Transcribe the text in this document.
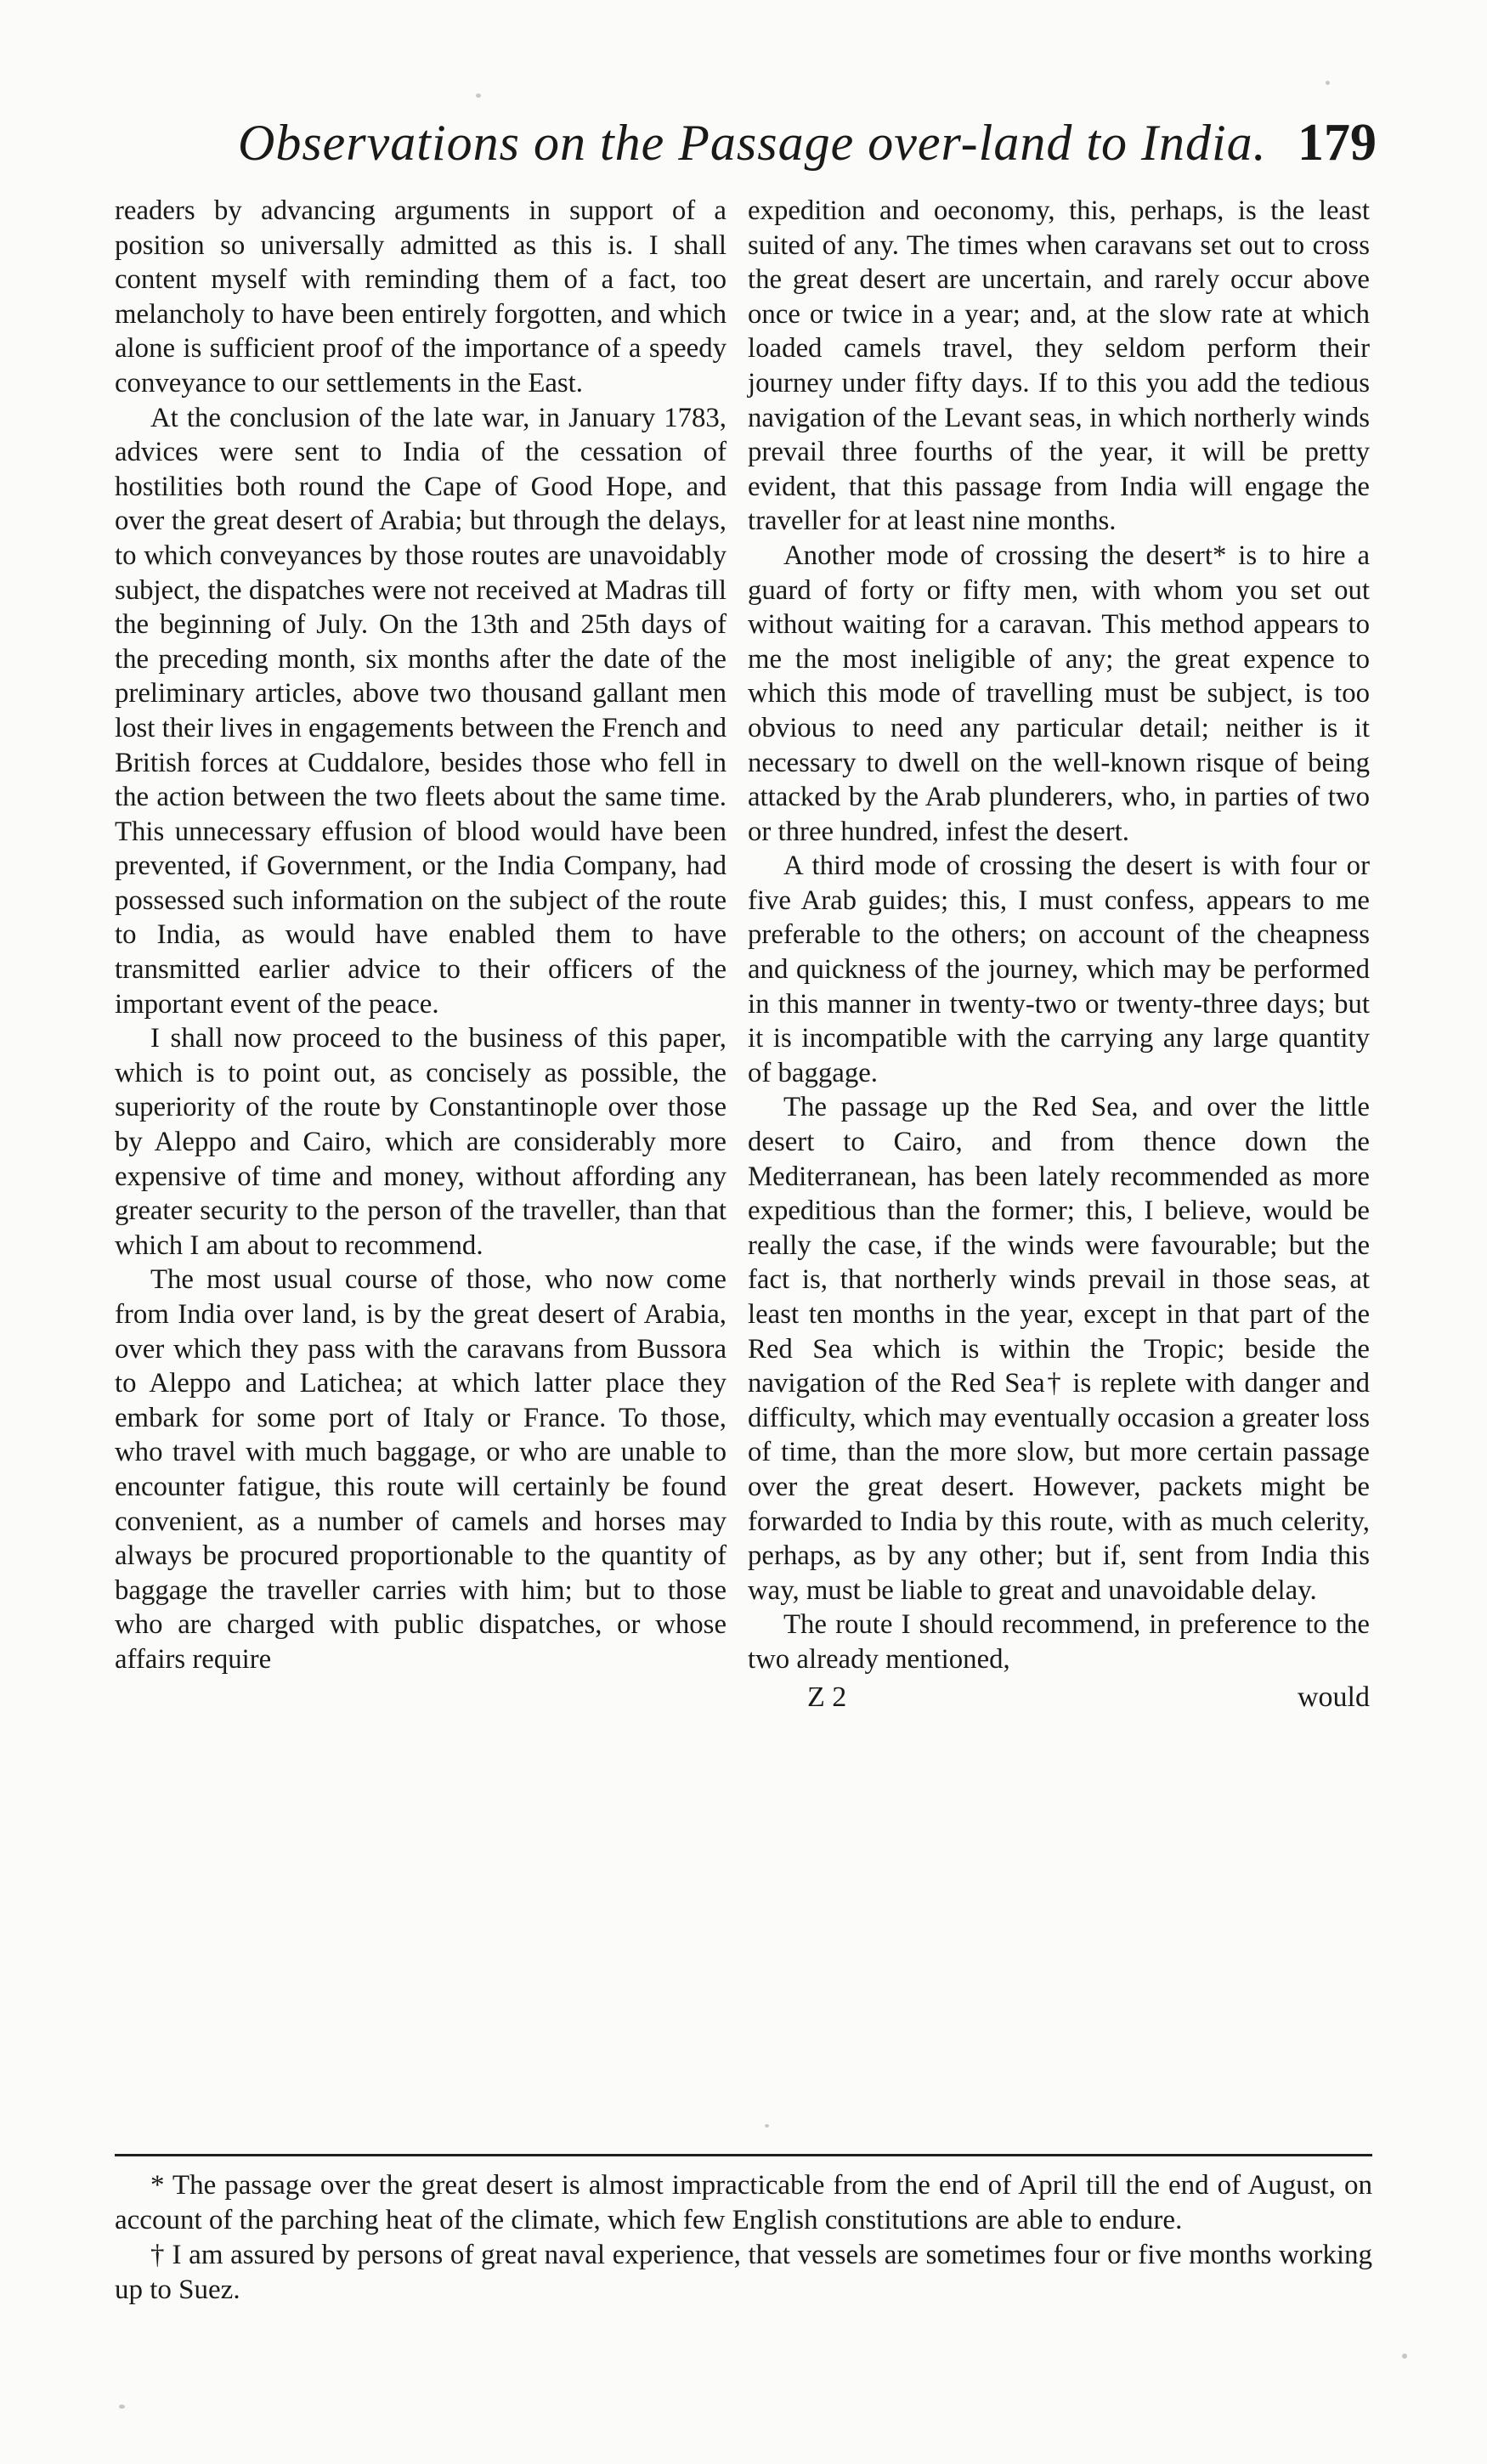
Observations on the Passage over-land to India. 179

readers by advancing arguments in support of a position so universally admitted as this is. I shall content myself with reminding them of a fact, too melancholy to have been entirely forgotten, and which alone is sufficient proof of the importance of a speedy conveyance to our settlements in the East.

At the conclusion of the late war, in January 1783, advices were sent to India of the cessation of hostilities both round the Cape of Good Hope, and over the great desert of Arabia; but through the delays, to which conveyances by those routes are unavoidably subject, the dispatches were not received at Madras till the beginning of July. On the 13th and 25th days of the preceding month, six months after the date of the preliminary articles, above two thousand gallant men lost their lives in engagements between the French and British forces at Cuddalore, besides those who fell in the action between the two fleets about the same time. This unnecessary effusion of blood would have been prevented, if Government, or the India Company, had possessed such information on the subject of the route to India, as would have enabled them to have transmitted earlier advice to their officers of the important event of the peace.

I shall now proceed to the business of this paper, which is to point out, as concisely as possible, the superiority of the route by Constantinople over those by Aleppo and Cairo, which are considerably more expensive of time and money, without affording any greater security to the person of the traveller, than that which I am about to recommend.

The most usual course of those, who now come from India over land, is by the great desert of Arabia, over which they pass with the caravans from Bussora to Aleppo and Laticheа; at which latter place they embark for some port of Italy or France. To those, who travel with much baggage, or who are unable to encounter fatigue, this route will certainly be found convenient, as a number of camels and horses may always be procured proportionable to the quantity of baggage the traveller carries with him; but to those who are charged with public dispatches, or whose affairs require

expedition and oeconomy, this, perhaps, is the least suited of any. The times when caravans set out to cross the great desert are uncertain, and rarely occur above once or twice in a year; and, at the slow rate at which loaded camels travel, they seldom perform their journey under fifty days. If to this you add the tedious navigation of the Levant seas, in which northerly winds prevail three fourths of the year, it will be pretty evident, that this passage from India will engage the traveller for at least nine months.

Another mode of crossing the desert* is to hire a guard of forty or fifty men, with whom you set out without waiting for a caravan. This method appears to me the most ineligible of any; the great expence to which this mode of travelling must be subject, is too obvious to need any particular detail; neither is it necessary to dwell on the well-known risque of being attacked by the Arab plunderers, who, in parties of two or three hundred, infest the desert.

A third mode of crossing the desert is with four or five Arab guides; this, I must confess, appears to me preferable to the others; on account of the cheapness and quickness of the journey, which may be performed in this manner in twenty-two or twenty-three days; but it is incompatible with the carrying any large quantity of baggage.

The passage up the Red Sea, and over the little desert to Cairo, and from thence down the Mediterranean, has been lately recommended as more expeditious than the former; this, I believe, would be really the case, if the winds were favourable; but the fact is, that northerly winds prevail in those seas, at least ten months in the year, except in that part of the Red Sea which is within the Tropic; beside the navigation of the Red Sea† is replete with danger and difficulty, which may eventually occasion a greater loss of time, than the more slow, but more certain passage over the great desert. However, packets might be forwarded to India by this route, with as much celerity, perhaps, as by any other; but if, sent from India this way, must be liable to great and unavoidable delay.

The route I should recommend, in preference to the two already mentioned,

Z 2	would

* The passage over the great desert is almost impracticable from the end of April till the end of August, on account of the parching heat of the climate, which few English constitutions are able to endure.

† I am assured by persons of great naval experience, that vessels are sometimes four or five months working up to Suez.
